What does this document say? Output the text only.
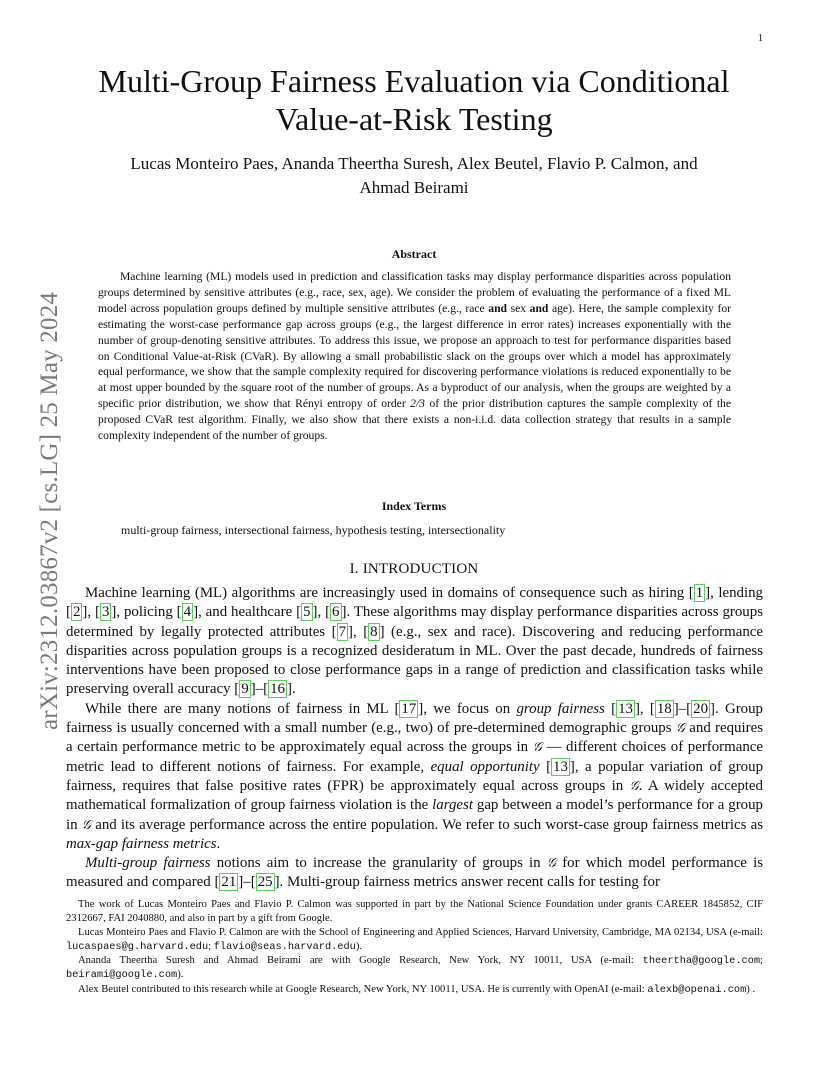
1
arXiv:2312.03867v2 [cs.LG] 25 May 2024
Multi-Group Fairness Evaluation via Conditional
Value-at-Risk Testing
Lucas Monteiro Paes, Ananda Theertha Suresh, Alex Beutel, Flavio P. Calmon, and
Ahmad Beirami
Abstract
Machine learning (ML) models used in prediction and classification tasks may display performance disparities across population groups determined by sensitive attributes (e.g., race, sex, age). We consider the problem of evaluating the performance of a fixed ML model across population groups defined by multiple sensitive attributes (e.g., race and sex and age). Here, the sample complexity for estimating the worst-case performance gap across groups (e.g., the largest difference in error rates) increases exponentially with the number of group-denoting sensitive attributes. To address this issue, we propose an approach to test for performance disparities based on Conditional Value-at-Risk (CVaR). By allowing a small probabilistic slack on the groups over which a model has approximately equal performance, we show that the sample complexity required for discovering performance violations is reduced exponentially to be at most upper bounded by the square root of the number of groups. As a byproduct of our analysis, when the groups are weighted by a specific prior distribution, we show that Rényi entropy of order 2/3 of the prior distribution captures the sample complexity of the proposed CVaR test algorithm. Finally, we also show that there exists a non-i.i.d. data collection strategy that results in a sample complexity independent of the number of groups.
Index Terms
multi-group fairness, intersectional fairness, hypothesis testing, intersectionality
I. INTRODUCTION

Machine learning (ML) algorithms are increasingly used in domains of consequence such as hiring [ 1 ], lending [ 2 ], [ 3 ], policing [ 4 ], and healthcare [ 5 ], [ 6 ]. These algorithms may display performance disparities across groups determined by legally protected attributes [ 7 ], [ 8 ] (e.g., sex and race). Discovering and reducing performance disparities across population groups is a recognized desideratum in ML. Over the past decade, hundreds of fairness interventions have been proposed to close performance gaps in a range of prediction and classification tasks while preserving overall accuracy [ 9 ]–[ 16 ].

While there are many notions of fairness in ML [ 17 ], we focus on group fairness [ 13 ], [ 18 ]–[ 20 ]. Group fairness is usually concerned with a small number (e.g., two) of pre-determined demographic groups 𝒢 and requires a certain performance metric to be approximately equal across the groups in 𝒢 — different choices of performance metric lead to different notions of fairness. For example, equal opportunity [ 13 ], a popular variation of group fairness, requires that false positive rates (FPR) be approximately equal across groups in 𝒢. A widely accepted mathematical formalization of group fairness violation is the largest gap between a model’s performance for a group in 𝒢 and its average performance across the entire population. We refer to such worst-case group fairness metrics as max-gap fairness metrics.

Multi-group fairness notions aim to increase the granularity of groups in 𝒢 for which model performance is measured and compared [ 21 ]–[ 25 ]. Multi-group fairness metrics answer recent calls for testing for

The work of Lucas Monteiro Paes and Flavio P. Calmon was supported in part by the National Science Foundation under grants CAREER 1845852, CIF 2312667, FAI 2040880, and also in part by a gift from Google.

Lucas Monteiro Paes and Flavio P. Calmon are with the School of Engineering and Applied Sciences, Harvard University, Cambridge, MA 02134, USA (e-mail: lucaspaes@g.harvard.edu; flavio@seas.harvard.edu).

Ananda Theertha Suresh and Ahmad Beirami are with Google Research, New York, NY 10011, USA (e-mail: theertha@google.com; beirami@google.com).

Alex Beutel contributed to this research while at Google Research, New York, NY 10011, USA. He is currently with OpenAI (e-mail: alexb@openai.com) .
